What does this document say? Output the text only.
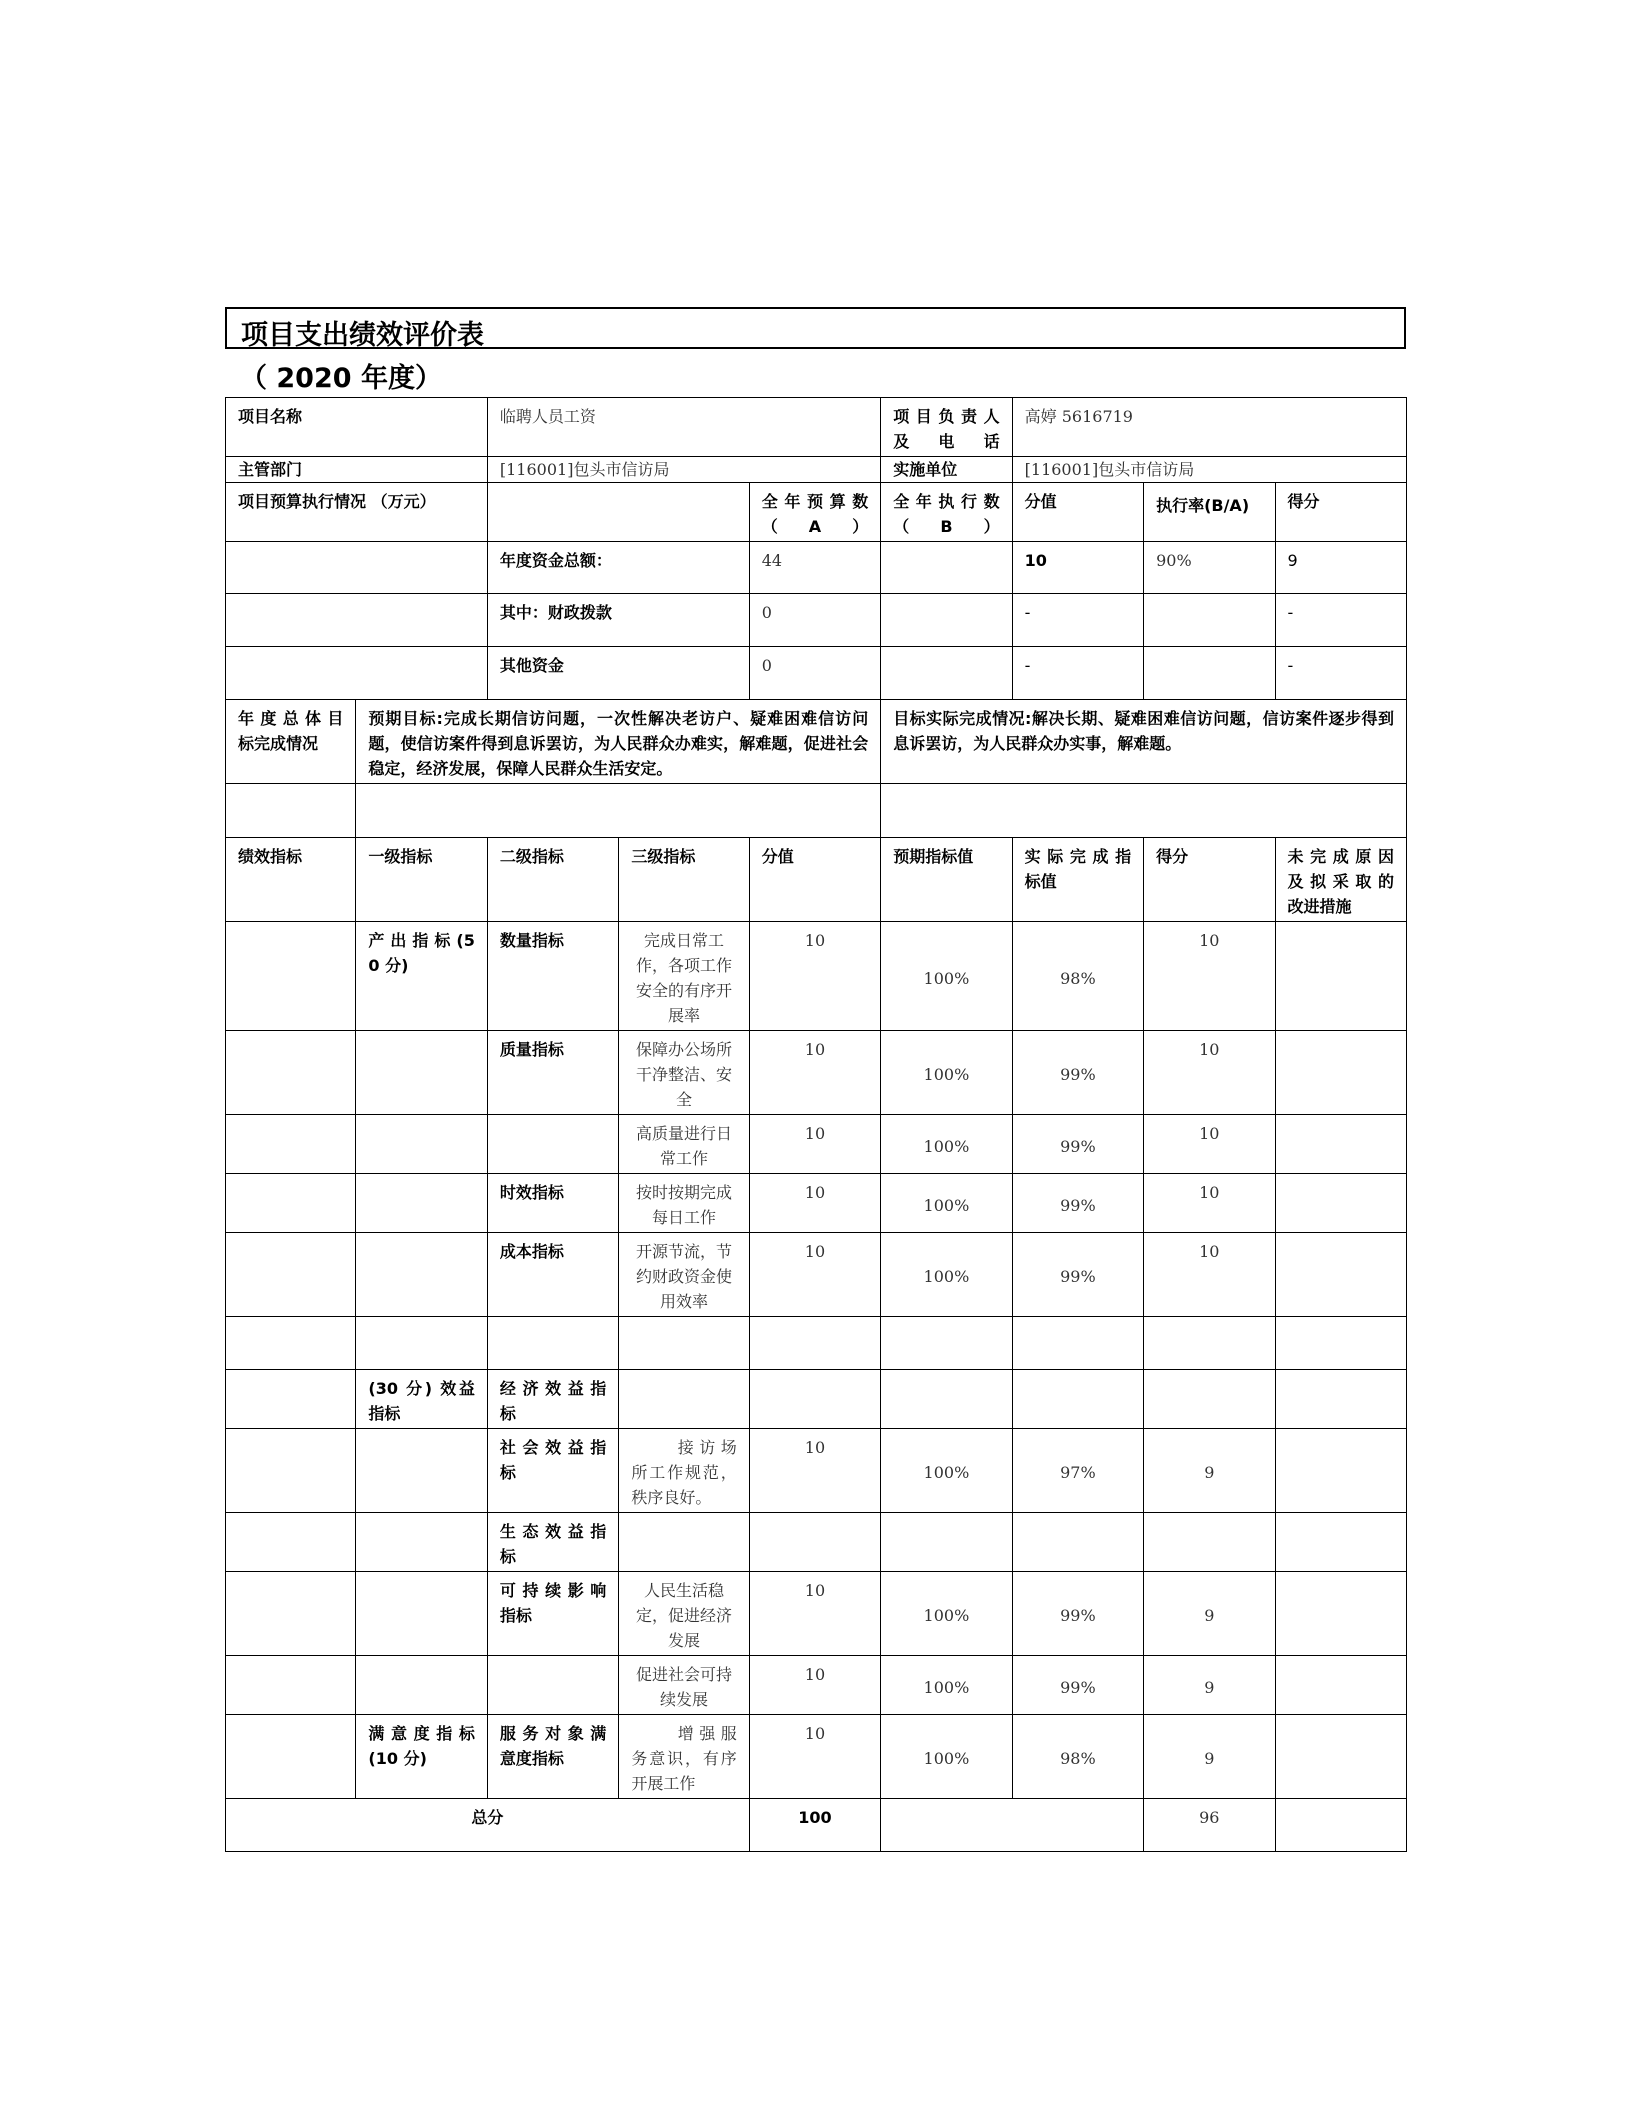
项目支出绩效评价表
（ 2020 年度）
项目名称		临聘人员工资			项 目 负 责 人 及电话	高婷 5616719		
主管部门		[116001]包头市信访局			实施单位	[116001]包头市信访局		
项目预算执行情况 （万元）				全 年 预 算 数（A）	全 年 执 行 数（B）	分值	执行率(B/A)	得分
		年度资金总额：		44		10	90%	9
		其中：财政拨款		0		-		-
		其他资金		0		-		-
年 度 总 体 目 标完成情况	预期目标:完成长期信访问题，一次性解决老访户、疑难困难信访问题，使信访案件得到息诉罢访，为人民群众办难实，解难题，促进社会稳定，经济发展，保障人民群众生活安定。				目标实际完成情况:解决长期、疑难困难信访问题，信访案件逐步得到息诉罢访，为人民群众办实事，解难题。			

绩效指标	一级指标	二级指标	三级指标	分值	预期指标值	实 际 完 成 指 标值	得分	未 完 成 原 因 及 拟 采 取 的 改进措施
	产 出 指 标 (50 分)	数量指标	完成日常工作，各项工作安全的有序开展率	10	100%	98%	10	
		质量指标	保障办公场所干净整洁、安全	10	100%	99%	10	
			高质量进行日常工作	10	100%	99%	10	
		时效指标	按时按期完成每日工作	10	100%	99%	10	
		成本指标	开源节流，节约财政资金使用效率	10	100%	99%	10	

	(30 分) 效益指标	经 济 效 益 指 标						
		社 会 效 益 指 标	接访场所工作规范，秩序良好。	10	100%	97%	9	
		生 态 效 益 指 标						
		可 持 续 影 响 指标	人民生活稳定，促进经济发展	10	100%	99%	9	
			促进社会可持续发展	10	100%	99%	9	
	满 意 度 指 标 (10 分)	服 务 对 象 满 意度指标	增强服务意识，有序开展工作	10	100%	98%	9	
总分				100			96	
